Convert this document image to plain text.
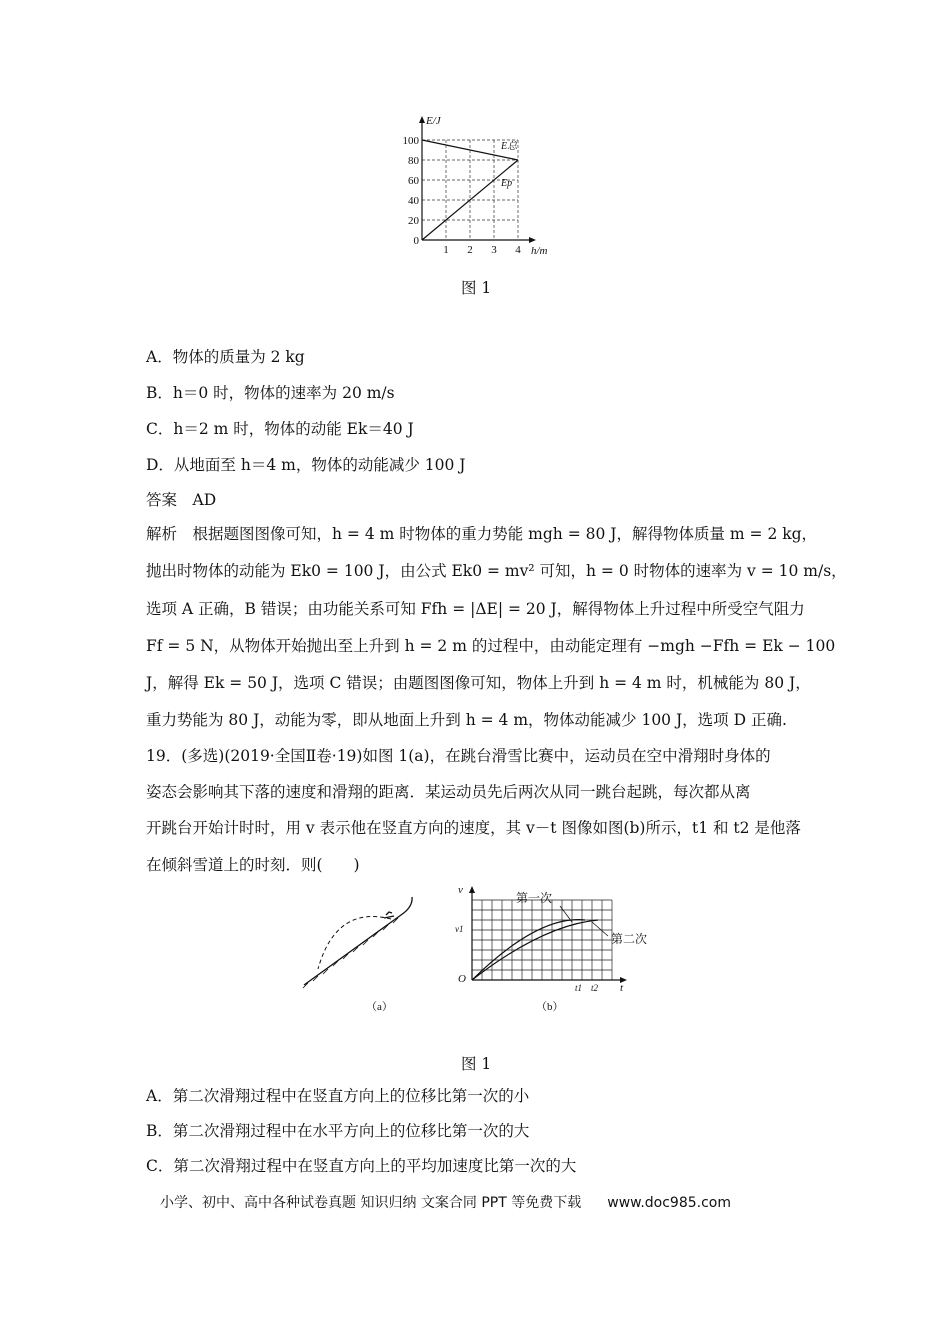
E/J
h/m
100
80
60
40
20
0
1 2 3 4
E总
Ep
图 1
A．物体的质量为 2 kg
B．h＝0 时，物体的速率为 20 m/s
C．h＝2 m 时，物体的动能 Ek＝40 J
D．从地面至 h＝4 m，物体的动能减少 100 J
答案　AD
解析　根据题图图像可知，h = 4 m 时物体的重力势能 mgh = 80 J，解得物体质量 m = 2 kg，
抛出时物体的动能为 Ek0 = 100 J，由公式 Ek0 = mv² 可知，h = 0 时物体的速率为 v = 10 m/s，
选项 A 正确，B 错误；由功能关系可知 Ffh = |ΔE| = 20 J，解得物体上升过程中所受空气阻力
Ff = 5 N，从物体开始抛出至上升到 h = 2 m 的过程中，由动能定理有 −mgh −Ffh = Ek − 100
J，解得 Ek = 50 J，选项 C 错误；由题图图像可知，物体上升到 h = 4 m 时，机械能为 80 J，
重力势能为 80 J，动能为零，即从地面上升到 h = 4 m，物体动能减少 100 J，选项 D 正确.
19．(多选)(2019·全国Ⅱ卷·19)如图 1(a)，在跳台滑雪比赛中，运动员在空中滑翔时身体的
姿态会影响其下落的速度和滑翔的距离．某运动员先后两次从同一跳台起跳，每次都从离
开跳台开始计时时，用 v 表示他在竖直方向的速度，其 v－t 图像如图(b)所示，t1 和 t2 是他落
在倾斜雪道上的时刻．则(　　)
（a）
v
t
O
v1
t1 t2
第一次
第二次
（b）
图 1
A．第二次滑翔过程中在竖直方向上的位移比第一次的小
B．第二次滑翔过程中在水平方向上的位移比第一次的大
C．第二次滑翔过程中在竖直方向上的平均加速度比第一次的大
小学、初中、高中各种试卷真题 知识归纳 文案合同 PPT 等免费下载 www.doc985.com
